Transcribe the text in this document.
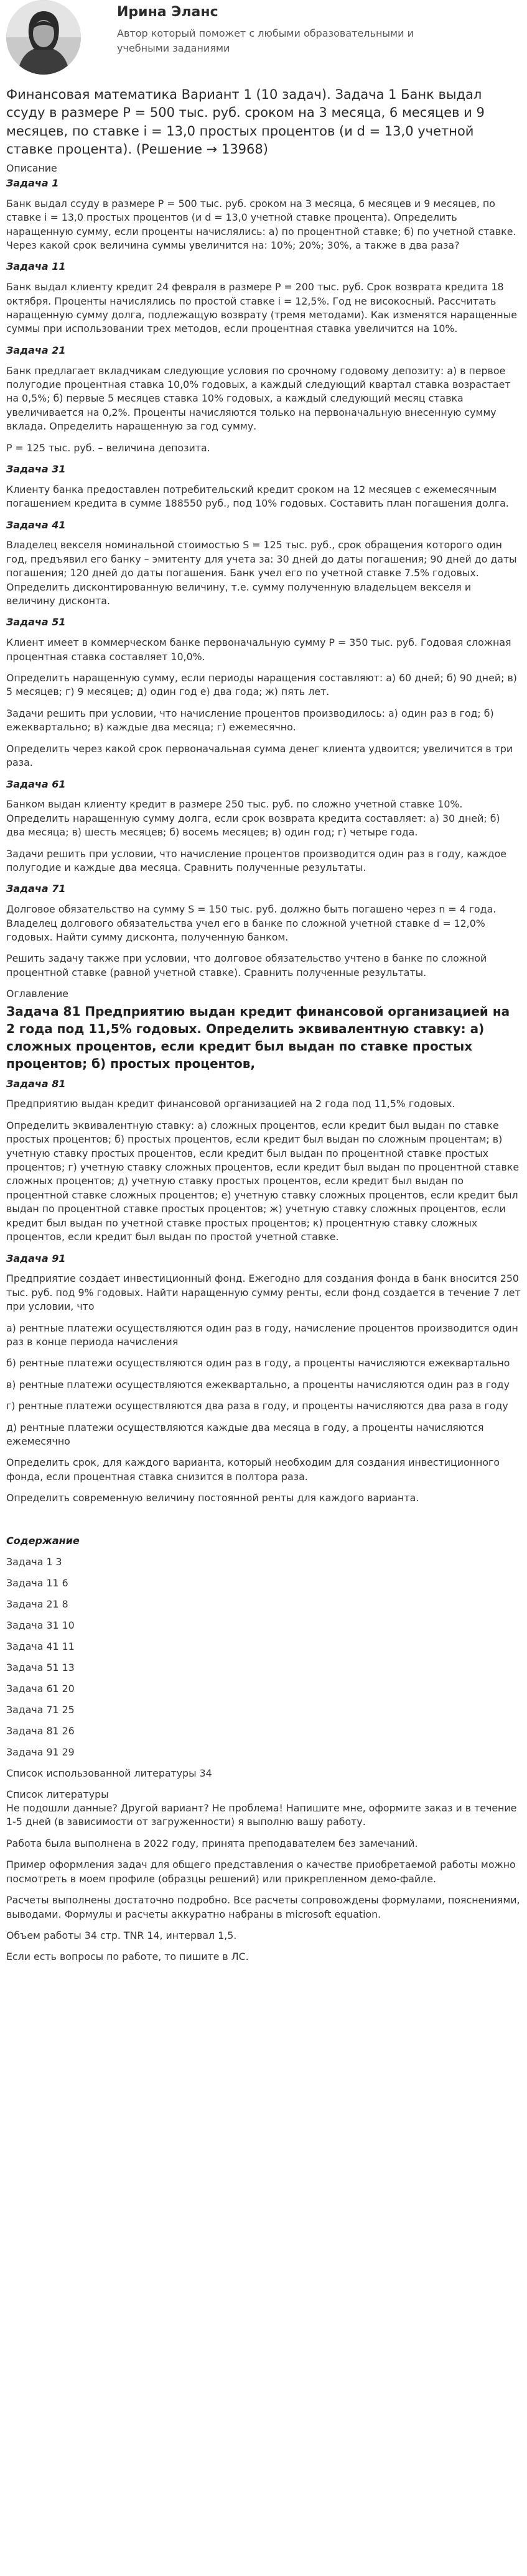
Ирина Эланс
Автор который поможет с любыми образовательными и учебными заданиями
Финансовая математика Вариант 1 (10 задач). Задача 1 Банк выдал ссуду в размере P = 500 тыс. руб. сроком на 3 месяца, 6 месяцев и 9 месяцев, по ставке i = 13,0 простых процентов (и d = 13,0 учетной ставке процента). (Решение → 13968)
Описание
Задача 1

Банк выдал ссуду в размере P = 500 тыс. руб. сроком на 3 месяца, 6 месяцев и 9 месяцев, по ставке i = 13,0 простых процентов (и d = 13,0 учетной ставке процента). Определить наращенную сумму, если проценты начислялись: а) по процентной ставке; б) по учетной ставке. Через какой срок величина суммы увеличится на: 10%; 20%; 30%, а также в два раза?

Задача 11

Банк выдал клиенту кредит 24 февраля в размере P = 200 тыс. руб. Срок возврата кредита 18 октября. Проценты начислялись по простой ставке i = 12,5%. Год не високосный. Рассчитать наращенную сумму долга, подлежащую возврату (тремя методами). Как изменятся наращенные суммы при использовании трех методов, если процентная ставка увеличится на 10%.

Задача 21

Банк предлагает вкладчикам следующие условия по срочному годовому депозиту: а) в первое полугодие процентная ставка 10,0% годовых, а каждый следующий квартал ставка возрастает на 0,5%; б) первые 5 месяцев ставка 10% годовых, а каждый следующий месяц ставка увеличивается на 0,2%. Проценты начисляются только на первоначальную внесенную сумму вклада. Определить наращенную за год сумму.

P = 125 тыс. руб. – величина депозита.

Задача 31

Клиенту банка предоставлен потребительский кредит сроком на 12 месяцев с ежемесячным погашением кредита в сумме 188550 руб., под 10% годовых. Составить план погашения долга.

Задача 41

Владелец векселя номинальной стоимостью S = 125 тыс. руб., срок обращения которого один год, предъявил его банку – эмитенту для учета за: 30 дней до даты погашения; 90 дней до даты погашения; 120 дней до даты погашения. Банк учел его по учетной ставке 7.5% годовых. Определить дисконтированную величину, т.е. сумму полученную владельцем векселя и величину дисконта.

Задача 51

Клиент имеет в коммерческом банке первоначальную сумму P = 350 тыс. руб. Годовая сложная процентная ставка составляет 10,0%.

Определить наращенную сумму, если периоды наращения составляют: а) 60 дней; б) 90 дней; в) 5 месяцев; г) 9 месяцев; д) один год е) два года; ж) пять лет.

Задачи решить при условии, что начисление процентов производилось: а) один раз в год; б) ежеквартально; в) каждые два месяца; г) ежемесячно.

Определить через какой срок первоначальная сумма денег клиента удвоится; увеличится в три раза.

Задача 61

Банком выдан клиенту кредит в размере 250 тыс. руб. по сложно учетной ставке 10%. Определить наращенную сумму долга, если срок возврата кредита составляет: а) 30 дней; б) два месяца; в) шесть месяцев; б) восемь месяцев; в) один год; г) четыре года.

Задачи решить при условии, что начисление процентов производится один раз в году, каждое полугодие и каждые два месяца. Сравнить полученные результаты.

Задача 71

Долговое обязательство на сумму S = 150 тыс. руб. должно быть погашено через n = 4 года. Владелец долгового обязательства учел его в банке по сложной учетной ставке d = 12,0% годовых. Найти сумму дисконта, полученную банком.

Решить задачу также при условии, что долговое обязательство учтено в банке по сложной процентной ставке (равной учетной ставке). Сравнить полученные результаты.

Оглавление
Задача 81 Предприятию выдан кредит финансовой организацией на 2 года под 11,5% годовых. Определить эквивалентную ставку: а) сложных процентов, если кредит был выдан по ставке простых процентов; б) простых процентов,
Задача 81

Предприятию выдан кредит финансовой организацией на 2 года под 11,5% годовых.

Определить эквивалентную ставку: а) сложных процентов, если кредит был выдан по ставке простых процентов; б) простых процентов, если кредит был выдан по сложным процентам; в) учетную ставку простых процентов, если кредит был выдан по процентной ставке простых процентов; г) учетную ставку сложных процентов, если кредит был выдан по процентной ставке сложных процентов; д) учетную ставку простых процентов, если кредит был выдан по процентной ставке сложных процентов; е) учетную ставку сложных процентов, если кредит был выдан по процентной ставке простых процентов; ж) учетную ставку сложных процентов, если кредит был выдан по учетной ставке простых процентов; к) процентную ставку сложных процентов, если кредит был выдан по простой учетной ставке.

Задача 91

Предприятие создает инвестиционный фонд. Ежегодно для создания фонда в банк вносится 250 тыс. руб. под 9% годовых. Найти наращенную сумму ренты, если фонд создается в течение 7 лет при условии, что

а) рентные платежи осуществляются один раз в году, начисление процентов производится один раз в конце периода начисления

б) рентные платежи осуществляются один раз в году, а проценты начисляются ежеквартально

в) рентные платежи осуществляются ежеквартально, а проценты начисляются один раз в году

г) рентные платежи осуществляются два раза в году, и проценты начисляются два раза в году

д) рентные платежи осуществляются каждые два месяца в году, а проценты начисляются ежемесячно

Определить срок, для каждого варианта, который необходим для создания инвестиционного фонда, если процентная ставка снизится в полтора раза.

Определить современную величину постоянной ренты для каждого варианта.

Содержание
Задача 1 3
Задача 11 6
Задача 21 8
Задача 31 10
Задача 41 11
Задача 51 13
Задача 61 20
Задача 71 25
Задача 81 26
Задача 91 29
Список использованной литературы 34
Список литературы

Не подошли данные? Другой вариант? Не проблема! Напишите мне, оформите заказ и в течение 1-5 дней (в зависимости от загруженности) я выполню вашу работу.

Работа была выполнена в 2022 году, принята преподавателем без замечаний.

Пример оформления задач для общего представления о качестве приобретаемой работы можно посмотреть в моем профиле (образцы решений) или прикрепленном демо-файле.

Расчеты выполнены достаточно подробно. Все расчеты сопровождены формулами, пояснениями, выводами. Формулы и расчеты аккуратно набраны в microsoft equation.

Объем работы 34 стр. TNR 14, интервал 1,5.

Если есть вопросы по работе, то пишите в ЛС.
